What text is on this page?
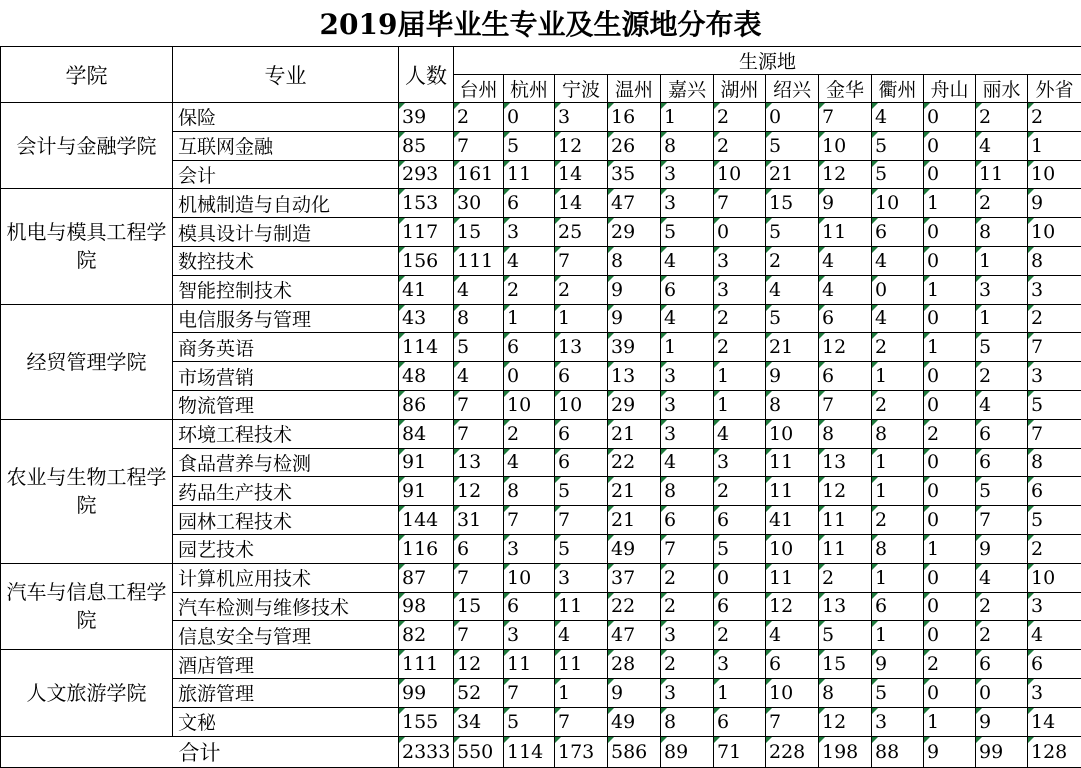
2019届毕业生专业及生源地分布表
学院	专业	人数	生源地											
			台州	杭州	宁波	温州	嘉兴	湖州	绍兴	金华	衢州	舟山	丽水	外省
会计与金融学院	保险	39	2	0	3	16	1	2	0	7	4	0	2	2
	互联网金融	85	7	5	12	26	8	2	5	10	5	0	4	1
	会计	293	161	11	14	35	3	10	21	12	5	0	11	10
机电与模具工程学院	机械制造与自动化	153	30	6	14	47	3	7	15	9	10	1	2	9
	模具设计与制造	117	15	3	25	29	5	0	5	11	6	0	8	10
	数控技术	156	111	4	7	8	4	3	2	4	4	0	1	8
	智能控制技术	41	4	2	2	9	6	3	4	4	0	1	3	3
经贸管理学院	电信服务与管理	43	8	1	1	9	4	2	5	6	4	0	1	2
	商务英语	114	5	6	13	39	1	2	21	12	2	1	5	7
	市场营销	48	4	0	6	13	3	1	9	6	1	0	2	3
	物流管理	86	7	10	10	29	3	1	8	7	2	0	4	5
农业与生物工程学院	环境工程技术	84	7	2	6	21	3	4	10	8	8	2	6	7
	食品营养与检测	91	13	4	6	22	4	3	11	13	1	0	6	8
	药品生产技术	91	12	8	5	21	8	2	11	12	1	0	5	6
	园林工程技术	144	31	7	7	21	6	6	41	11	2	0	7	5
	园艺技术	116	6	3	5	49	7	5	10	11	8	1	9	2
汽车与信息工程学院	计算机应用技术	87	7	10	3	37	2	0	11	2	1	0	4	10
	汽车检测与维修技术	98	15	6	11	22	2	6	12	13	6	0	2	3
	信息安全与管理	82	7	3	4	47	3	2	4	5	1	0	2	4
人文旅游学院	酒店管理	111	12	11	11	28	2	3	6	15	9	2	6	6
	旅游管理	99	52	7	1	9	3	1	10	8	5	0	0	3
	文秘	155	34	5	7	49	8	6	7	12	3	1	9	14
合计		2333	550	114	173	586	89	71	228	198	88	9	99	128
